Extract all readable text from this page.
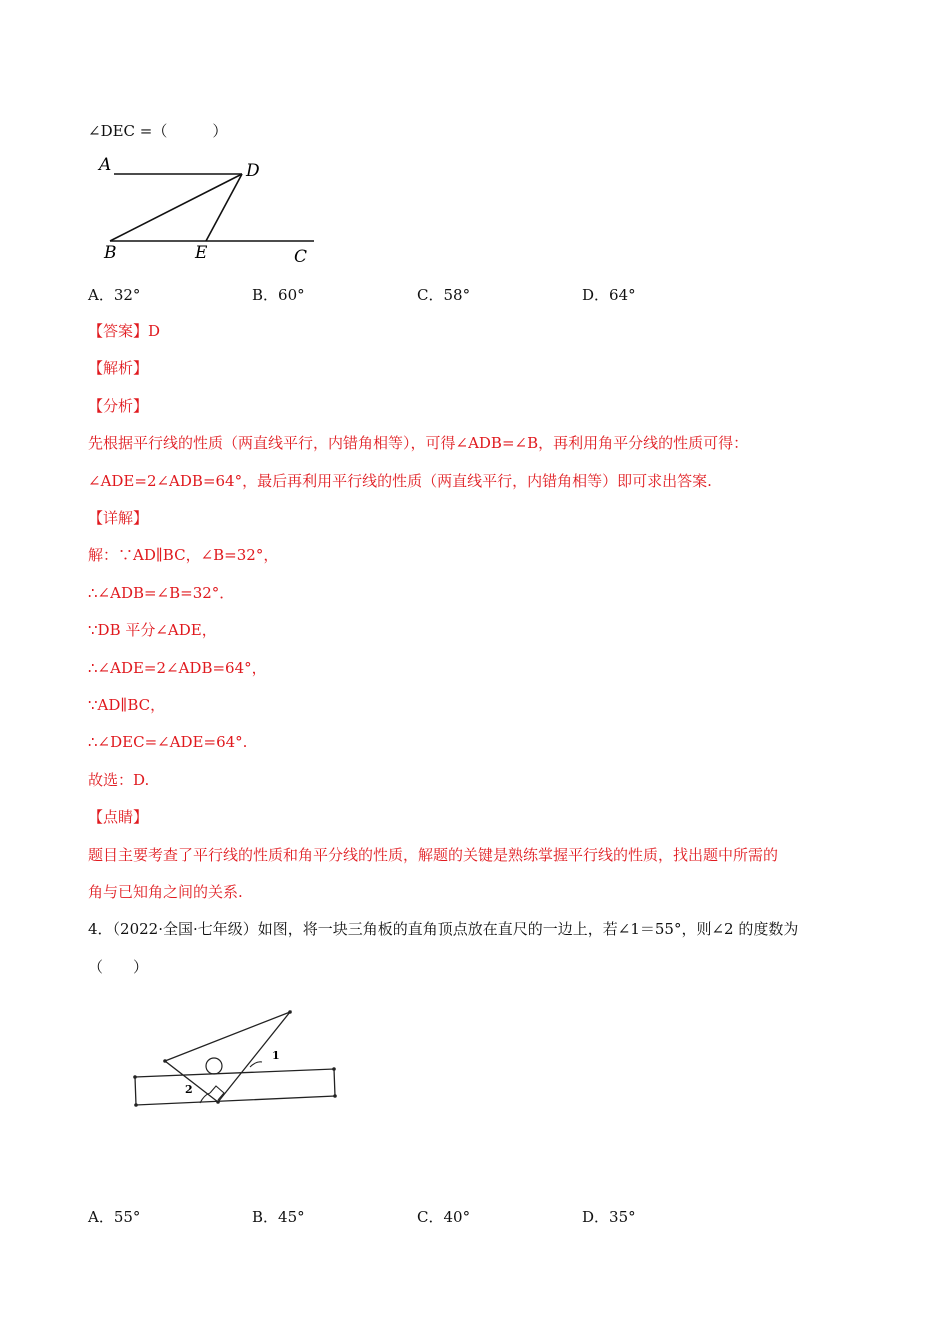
∠DEC =（　　　）
A	D
B	E	C
A．32°	B．60°	C．58°	D．64°
【答案】D
【解析】
【分析】
先根据平行线的性质（两直线平行，内错角相等），可得∠ADB=∠B，再利用角平分线的性质可得：
∠ADE=2∠ADB=64°，最后再利用平行线的性质（两直线平行，内错角相等）即可求出答案.
【详解】
解：∵AD∥BC，∠B=32°，
∴∠ADB=∠B=32°．
∵DB 平分∠ADE，
∴∠ADE=2∠ADB=64°，
∵AD∥BC，
∴∠DEC=∠ADE=64°.
故选：D.
【点睛】
题目主要考查了平行线的性质和角平分线的性质，解题的关键是熟练掌握平行线的性质，找出题中所需的
角与已知角之间的关系.
4．（2022·全国·七年级）如图，将一块三角板的直角顶点放在直尺的一边上，若∠1＝55°，则∠2 的度数为
（　　）
1
2
A．55°	B．45°	C．40°	D．35°
